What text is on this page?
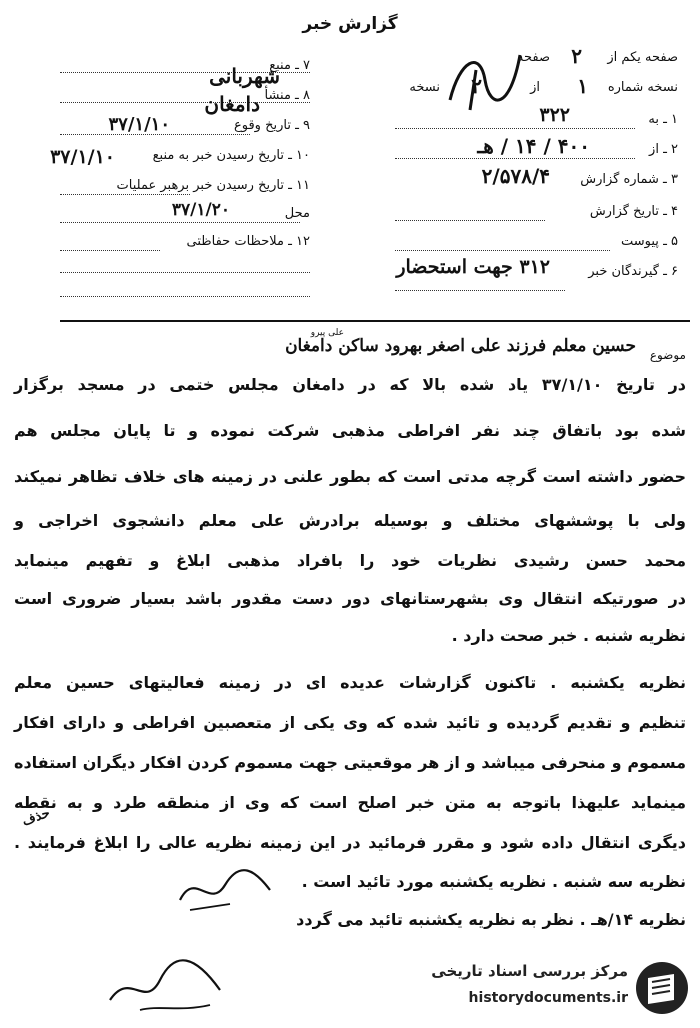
گزارش خبر
۷ ـ منبع
شهربانی
۸ ـ منشأ
دامغان
۹ ـ تاریخ وقوع
۳۷/۱/۱۰
۱۰ ـ تاریخ رسیدن خبر به منبع
۳۷/۱/۱۰
۱۱ ـ تاریخ رسیدن خبر برهبر عملیات
محل
۳۷/۱/۲۰
۱۲ ـ ملاحظات حفاظتی
صفحه یکم از
۲
صفحه
نسخه شماره
۱
از
۲
نسخه
۱ ـ به
۳۲۲
۲ ـ از
۴۰۰ / ۱۴ / هـ
۳ ـ شماره گزارش
۲/۵۷۸/۴
۴ ـ تاریخ گزارش
۵ ـ پیوست
۶ ـ گیرندگان خبر
۳۱۲ جهت استحضار
موضوع
حسین معلم فرزند علی اصغر بهرود ساکن دامغان
علی پیرو
در تاریخ ۳۷/۱/۱۰ یاد شده بالا که در دامغان مجلس ختمی در مسجد برگزار
شده بود باتفاق چند نفر افراطی مذهبی شرکت نموده و تا پایان مجلس هم
حضور داشته است گرچه مدتی است که بطور علنی در زمینه های خلاف تظاهر نمیکند
ولی با پوششهای مختلف و بوسیله برادرش علی معلم دانشجوی اخراجی و
محمد حسن رشیدی نظریات خود را بافراد مذهبی ابلاغ و تفهیم مینماید
در صورتیکه انتقال وی بشهرستانهای دور دست مقدور باشد بسیار ضروری است
نظریه شنبه . خبر صحت دارد .
نظریه یکشنبه . تاکنون گزارشات عدیده ای در زمینه فعالیتهای حسین معلم
تنظیم و تقدیم گردیده و تائید شده که وی یکی از متعصبین افراطی و دارای افکار
مسموم و منحرفی میباشد و از هر موقعیتی جهت مسموم کردن افکار دیگران استفاده
مینماید علیهذا باتوجه به متن خبر اصلح است که وی از منطقه طرد و به نقطه
دیگری انتقال داده شود و مقرر فرمائید در این زمینه نظریه عالی را ابلاغ فرمایند .
نظریه سه شنبه . نظریه یکشنبه مورد تائید است .
نظریه ۱۴/هـ . نظر به نظریه یکشنبه تائید می گردد
حذف
مرکز بررسی اسناد تاریخی
historydocuments.ir
